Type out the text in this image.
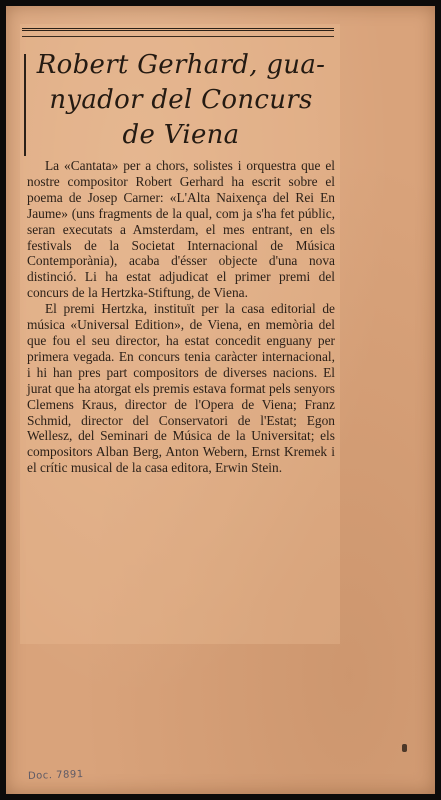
Robert Gerhard, gua-
nyador del Concurs
de Viena

La «Cantata» per a chors, solistes i orquestra que el nostre compositor Robert Gerhard ha escrit sobre el poema de Josep Carner: «L'Alta Naixença del Rei En Jaume» (uns fragments de la qual, com ja s'ha fet públic, seran executats a Amsterdam, el mes entrant, en els festivals de la Societat Internacional de Música Contemporània), acaba d'ésser objecte d'una nova distinció. Li ha estat adjudicat el primer premi del concurs de la Hertzka-Stiftung, de Viena.

El premi Hertzka, instituït per la casa editorial de música «Universal Edition», de Viena, en memòria del que fou el seu director, ha estat concedit enguany per primera vegada. En concurs tenia caràcter internacional, i hi han pres part compositors de diverses nacions. El jurat que ha atorgat els premis estava format pels senyors Clemens Kraus, director de l'Opera de Viena; Franz Schmid, director del Conservatori de l'Estat; Egon Wellesz, del Seminari de Música de la Universitat; els compositors Alban Berg, Anton Webern, Ernst Kremek i el crític musical de la casa editora, Erwin Stein.

Doc. 7891
